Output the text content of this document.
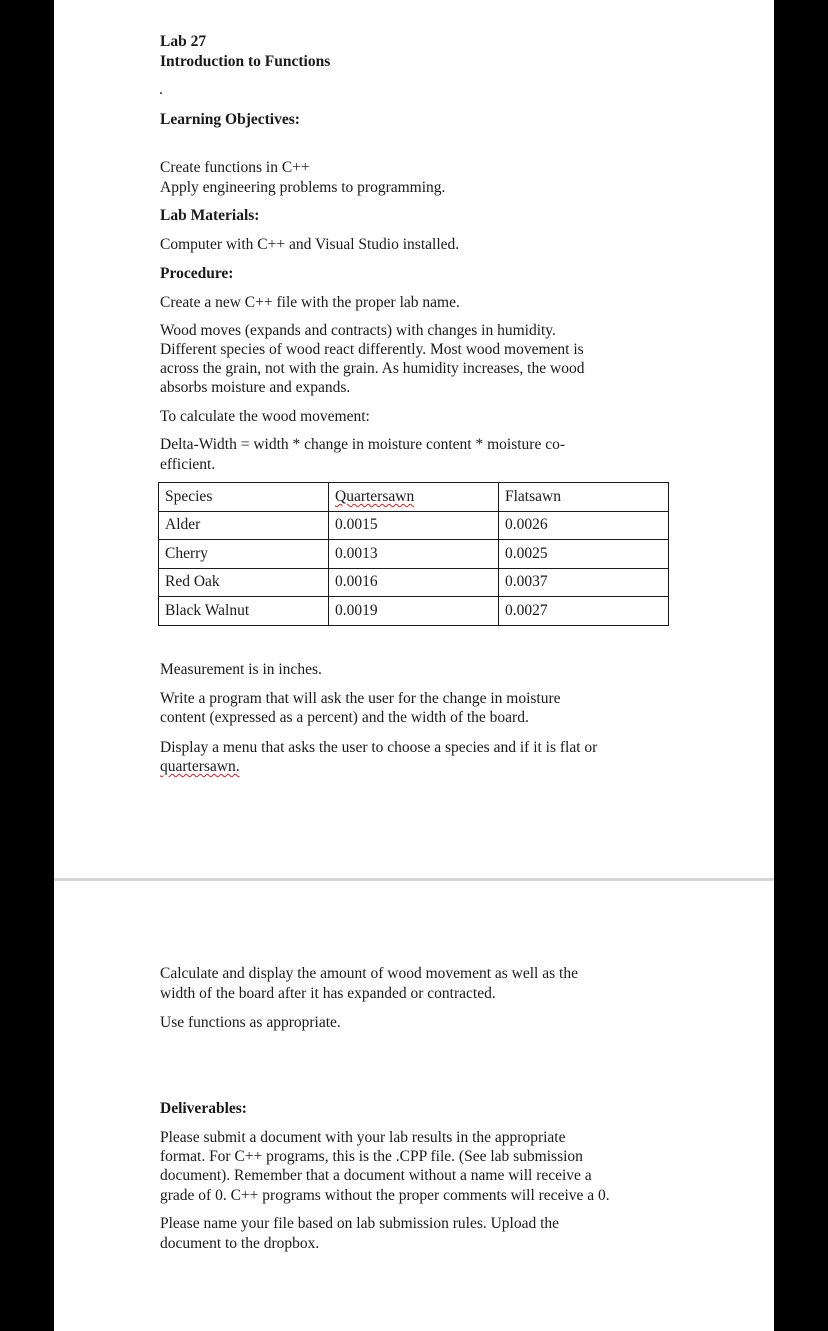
Lab 27

Introduction to Functions

.

Learning Objectives:

Create functions in C++

Apply engineering problems to programming.

Lab Materials:

Computer with C++ and Visual Studio installed.

Procedure:

Create a new C++ file with the proper lab name.

Wood moves (expands and contracts) with changes in humidity.

Different species of wood react differently. Most wood movement is

across the grain, not with the grain. As humidity increases, the wood

absorbs moisture and expands.

To calculate the wood movement:

Delta-Width = width * change in moisture content * moisture co-

efficient.

Species	Quartersawn	Flatsawn
Alder	0.0015	0.0026
Cherry	0.0013	0.0025
Red Oak	0.0016	0.0037
Black Walnut	0.0019	0.0027

Measurement is in inches.

Write a program that will ask the user for the change in moisture

content (expressed as a percent) and the width of the board.

Display a menu that asks the user to choose a species and if it is flat or

quartersawn.

Calculate and display the amount of wood movement as well as the

width of the board after it has expanded or contracted.

Use functions as appropriate.

Deliverables:

Please submit a document with your lab results in the appropriate

format. For C++ programs, this is the .CPP file. (See lab submission

document). Remember that a document without a name will receive a

grade of 0. C++ programs without the proper comments will receive a 0.

Please name your file based on lab submission rules. Upload the

document to the dropbox.
